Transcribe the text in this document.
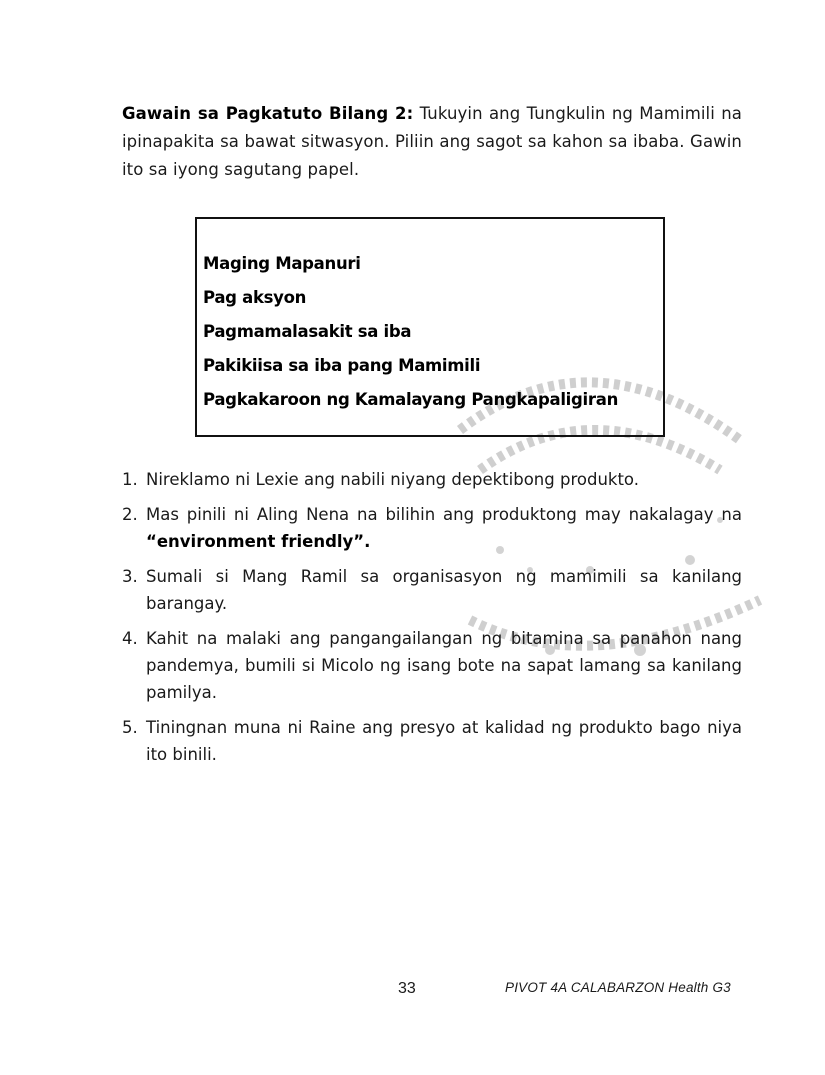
Gawain sa Pagkatuto Bilang 2: Tukuyin ang Tungkulin ng Mamimili na ipinapakita sa bawat sitwasyon. Piliin ang sagot sa kahon sa ibaba. Gawin ito sa iyong sagutang papel.

Maging Mapanuri
Pag aksyon
Pagmamalasakit sa iba
Pakikiisa sa iba pang Mamimili
Pagkakaroon ng Kamalayang Pangkapaligiran
1. Nireklamo ni Lexie ang nabili niyang depektibong produkto.
2. Mas pinili ni Aling Nena na bilihin ang produktong may nakalagay na “environment friendly”.
3. Sumali si Mang Ramil sa organisasyon ng mamimili sa kanilang barangay.
4. Kahit na malaki ang pangangailangan ng bitamina sa panahon nang pandemya, bumili si Micolo ng isang bote na sapat lamang sa kanilang pamilya.
5. Tiningnan muna ni Raine ang presyo at kalidad ng produkto bago niya ito binili.
33	PIVOT 4A CALABARZON Health G3
